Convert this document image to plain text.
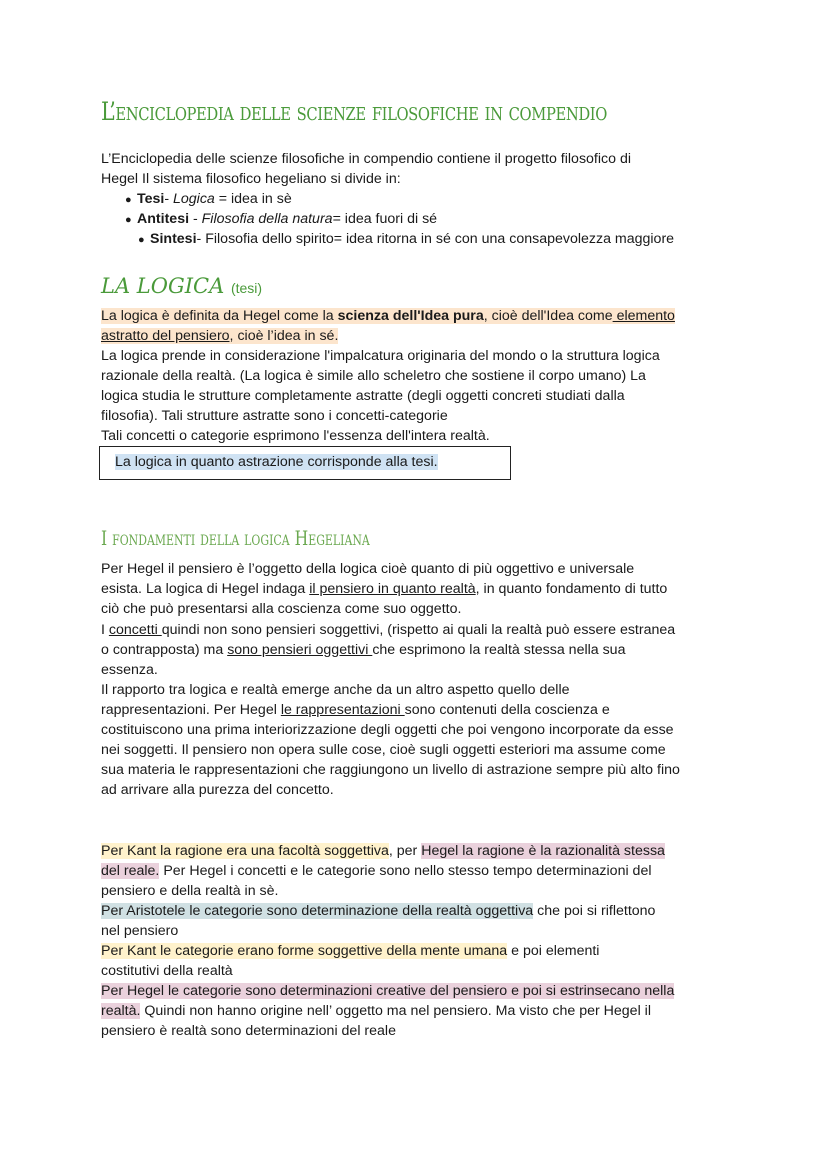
L’enciclopedia delle scienze filosofiche in compendio
L’Enciclopedia delle scienze filosofiche in compendio contiene il progetto filosofico di
Hegel Il sistema filosofico hegeliano si divide in:
● Tesi- Logica = idea in sè
● Antitesi - Filosofia della natura= idea fuori di sé
● Sintesi- Filosofia dello spirito= idea ritorna in sé con una consapevolezza maggiore
LA LOGICA (tesi)
La logica è definita da Hegel come la scienza dell'Idea pura, cioè dell'Idea come elemento
astratto del pensiero, cioè l’idea in sé.
La logica prende in considerazione l'impalcatura originaria del mondo o la struttura logica
razionale della realtà. (La logica è simile allo scheletro che sostiene il corpo umano) La
logica studia le strutture completamente astratte (degli oggetti concreti studiati dalla
filosofia). Tali strutture astratte sono i concetti-categorie
Tali concetti o categorie esprimono l'essenza dell'intera realtà.
La logica in quanto astrazione corrisponde alla tesi.
I fondamenti della logica Hegeliana
Per Hegel il pensiero è l’oggetto della logica cioè quanto di più oggettivo e universale
esista. La logica di Hegel indaga il pensiero in quanto realtà, in quanto fondamento di tutto
ciò che può presentarsi alla coscienza come suo oggetto.
I concetti quindi non sono pensieri soggettivi, (rispetto ai quali la realtà può essere estranea
o contrapposta) ma sono pensieri oggettivi che esprimono la realtà stessa nella sua
essenza.
Il rapporto tra logica e realtà emerge anche da un altro aspetto quello delle
rappresentazioni. Per Hegel le rappresentazioni sono contenuti della coscienza e
costituiscono una prima interiorizzazione degli oggetti che poi vengono incorporate da esse
nei soggetti. Il pensiero non opera sulle cose, cioè sugli oggetti esteriori ma assume come
sua materia le rappresentazioni che raggiungono un livello di astrazione sempre più alto fino
ad arrivare alla purezza del concetto.
Per Kant la ragione era una facoltà soggettiva, per Hegel la ragione è la razionalità stessa
del reale. Per Hegel i concetti e le categorie sono nello stesso tempo determinazioni del
pensiero e della realtà in sè.
Per Aristotele le categorie sono determinazione della realtà oggettiva che poi si riflettono
nel pensiero
Per Kant le categorie erano forme soggettive della mente umana e poi elementi
costitutivi della realtà
Per Hegel le categorie sono determinazioni creative del pensiero e poi si estrinsecano nella
realtà. Quindi non hanno origine nell’ oggetto ma nel pensiero. Ma visto che per Hegel il
pensiero è realtà sono determinazioni del reale
